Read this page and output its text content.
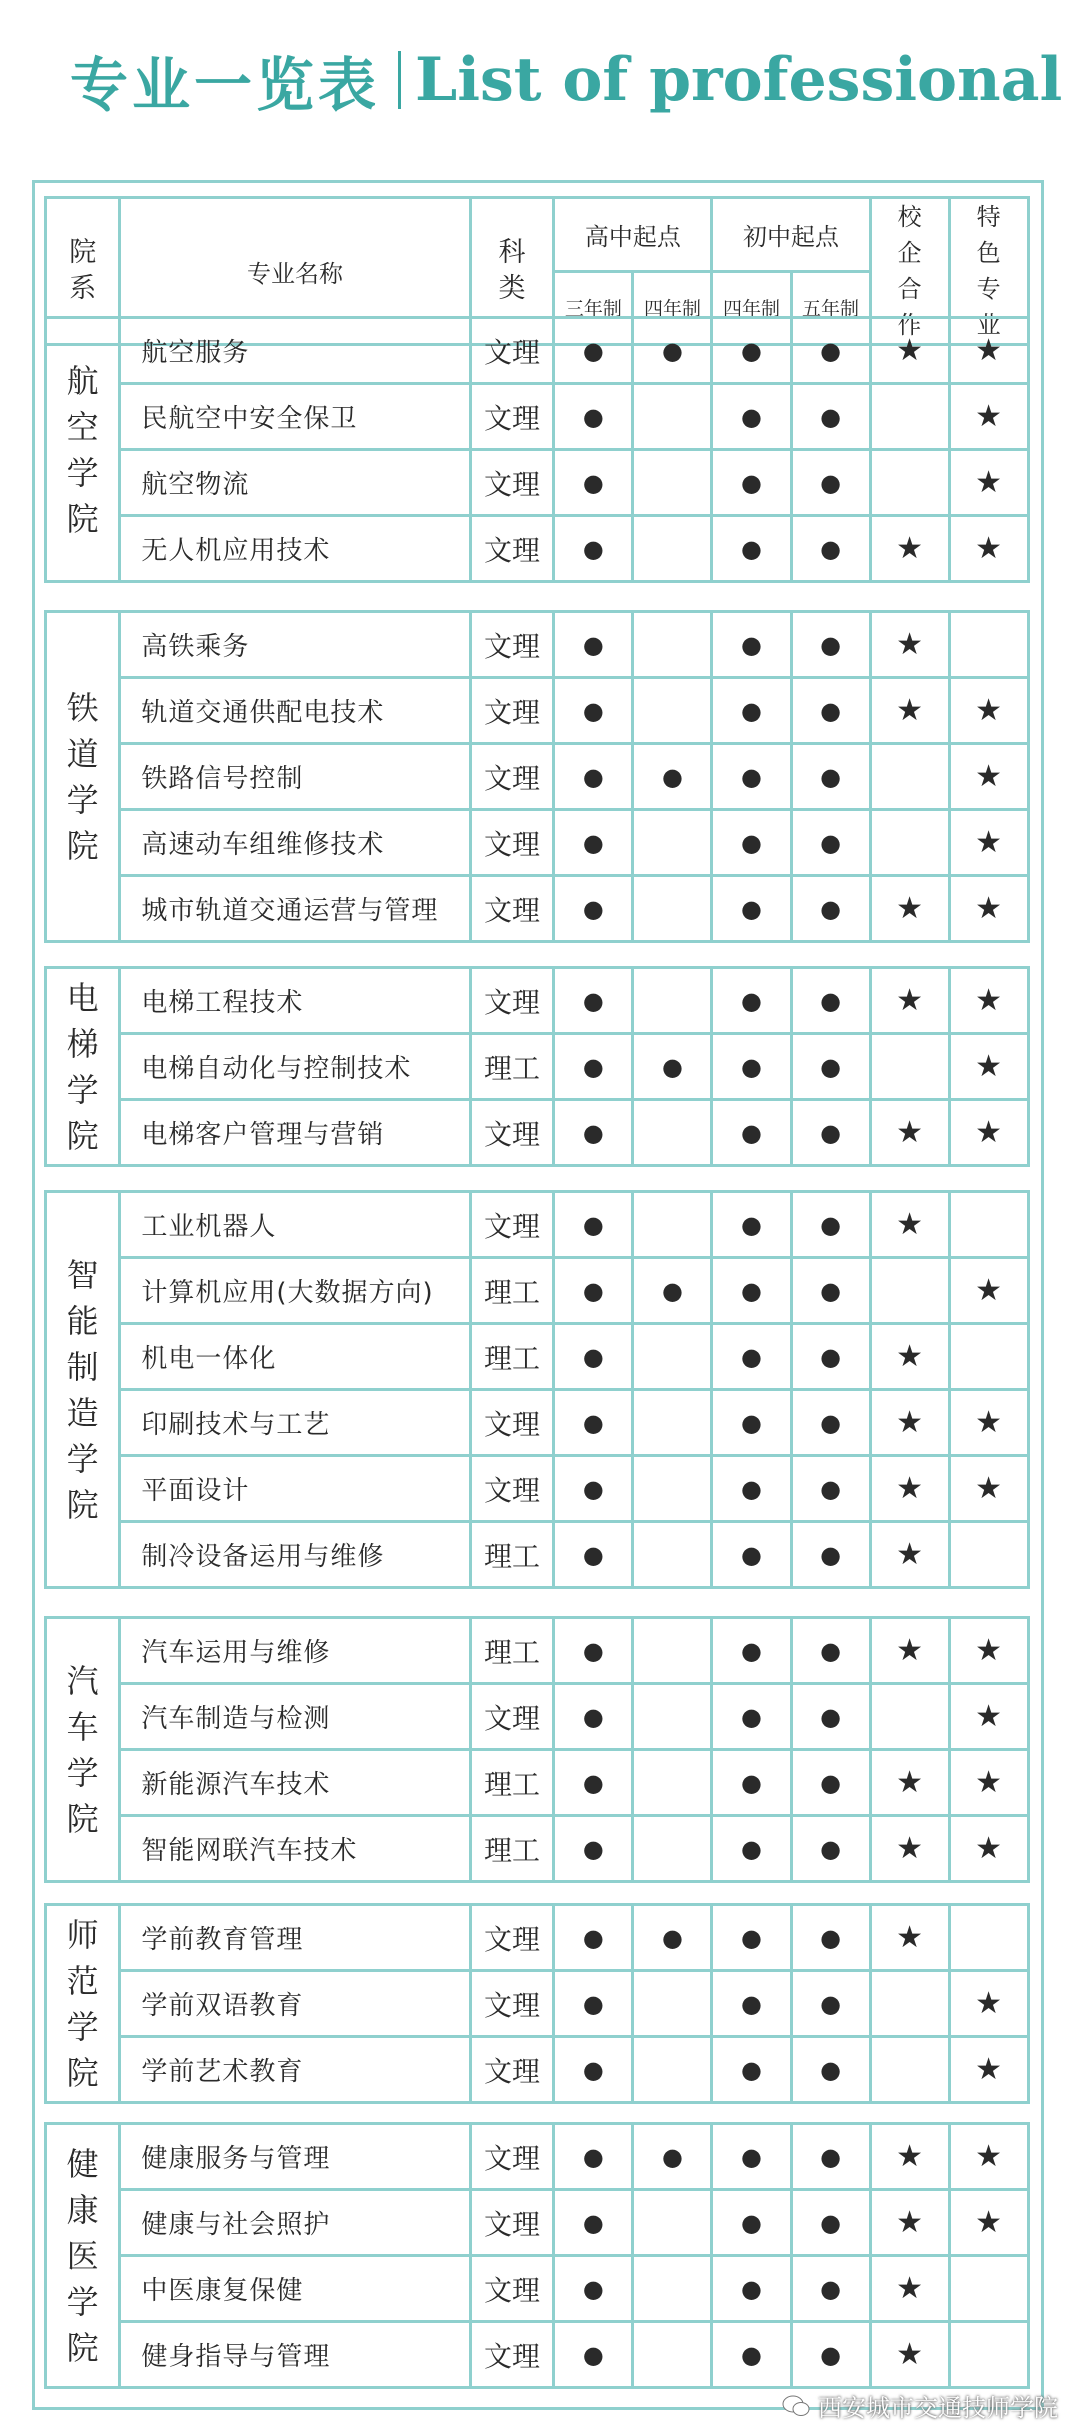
专业一览表 List of professional
院系	专业名称	科类	高中起点		初中起点		校企合作	特色专业
			三年制	四年制	四年制	五年制		
航空学院	航空服务	文理	●	●	●	●	★	★
	民航空中安全保卫	文理	●		●	●		★
	航空物流	文理	●		●	●		★
	无人机应用技术	文理	●		●	●	★	★
铁道学院	高铁乘务	文理	●		●	●	★	
	轨道交通供配电技术	文理	●		●	●	★	★
	铁路信号控制	文理	●	●	●	●		★
	高速动车组维修技术	文理	●		●	●		★
	城市轨道交通运营与管理	文理	●		●	●	★	★
电梯学院	电梯工程技术	文理	●		●	●	★	★
	电梯自动化与控制技术	理工	●	●	●	●		★
	电梯客户管理与营销	文理	●		●	●	★	★
智能制造学院	工业机器人	文理	●		●	●	★	
	计算机应用(大数据方向)	理工	●	●	●	●		★
	机电一体化	理工	●		●	●	★	
	印刷技术与工艺	文理	●		●	●	★	★
	平面设计	文理	●		●	●	★	★
	制冷设备运用与维修	理工	●		●	●	★	
汽车学院	汽车运用与维修	理工	●		●	●	★	★
	汽车制造与检测	文理	●		●	●		★
	新能源汽车技术	理工	●		●	●	★	★
	智能网联汽车技术	理工	●		●	●	★	★
师范学院	学前教育管理	文理	●	●	●	●	★	
	学前双语教育	文理	●		●	●		★
	学前艺术教育	文理	●		●	●		★
健康医学院	健康服务与管理	文理	●	●	●	●	★	★
	健康与社会照护	文理	●		●	●	★	★
	中医康复保健	文理	●		●	●	★	
	健身指导与管理	文理	●		●	●	★	
西安城市交通技师学院
